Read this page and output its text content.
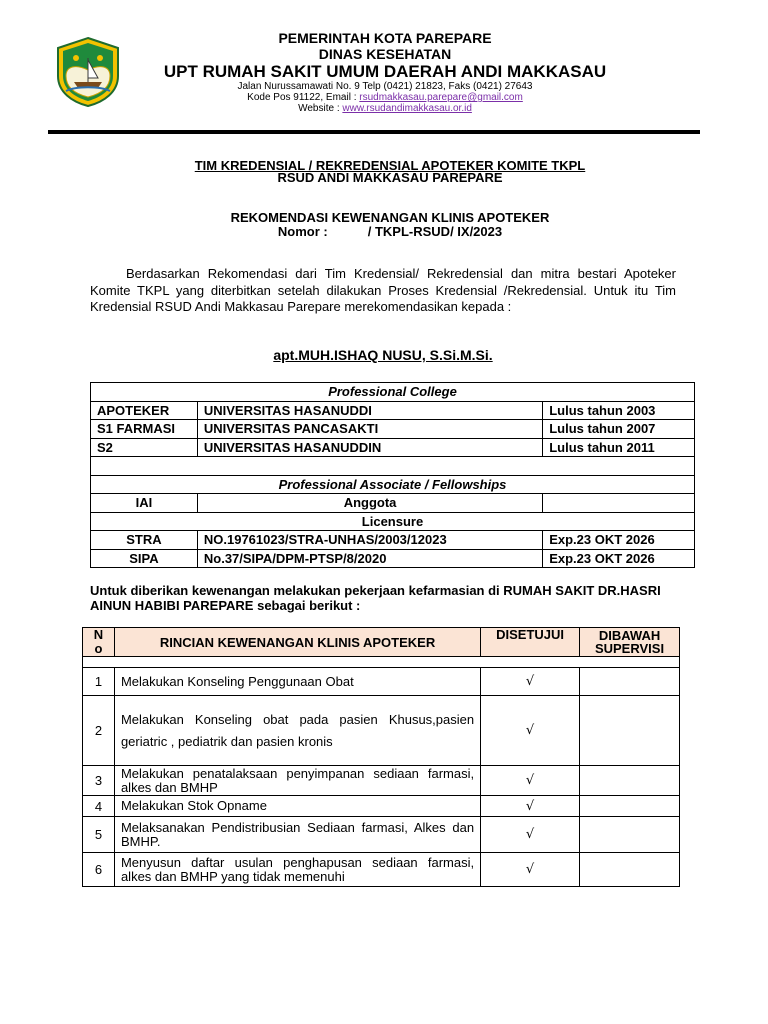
PEMERINTAH KOTA PAREPARE
DINAS KESEHATAN
UPT RUMAH SAKIT UMUM DAERAH ANDI MAKKASAU
Jalan Nurussamawati No. 9 Telp (0421) 21823, Faks (0421) 27643
Kode Pos 91122, Email : rsudmakkasau.parepare@gmail.com
Website : www.rsudandimakkasau.or.id
TIM KREDENSIAL / REKREDENSIAL APOTEKER KOMITE TKPL
RSUD ANDI MAKKASAU PAREPARE
REKOMENDASI KEWENANGAN KLINIS APOTEKER
Nomor :	/ TKPL-RSUD/ IX/2023
Berdasarkan Rekomendasi dari Tim Kredensial/ Rekredensial dan mitra bestari Apoteker Komite TKPL yang diterbitkan setelah dilakukan Proses Kredensial /Rekredensial. Untuk itu Tim Kredensial RSUD Andi Makkasau Parepare merekomendasikan kepada :
apt.MUH.ISHAQ NUSU, S.Si.M.Si.
Professional College		
APOTEKER	UNIVERSITAS HASANUDDI	Lulus tahun 2003
S1 FARMASI	UNIVERSITAS PANCASAKTI	Lulus tahun 2007
S2	UNIVERSITAS HASANUDDIN	Lulus tahun 2011

Professional Associate / Fellowships		
IAI	Anggota	
Licensure		
STRA	NO.19761023/STRA-UNHAS/2003/12023	Exp.23 OKT 2026
SIPA	No.37/SIPA/DPM-PTSP/8/2020	Exp.23 OKT 2026
Untuk diberikan kewenangan melakukan pekerjaan kefarmasian di RUMAH SAKIT DR.HASRI AINUN HABIBI PAREPARE sebagai berikut :
N
o	RINCIAN KEWENANGAN KLINIS APOTEKER	DISETUJUI	DIBAWAH SUPERVISI

1	Melakukan Konseling Penggunaan Obat	√	
2	Melakukan Konseling obat pada pasien Khusus,pasien geriatric , pediatrik dan pasien kronis	√	
3	Melakukan penatalaksaan penyimpanan sediaan farmasi, alkes dan BMHP	√	
4	Melakukan Stok Opname	√	
5	Melaksanakan Pendistribusian Sediaan farmasi, Alkes dan BMHP.	√	
6	Menyusun daftar usulan penghapusan sediaan farmasi, alkes dan BMHP yang tidak memenuhi	√	
